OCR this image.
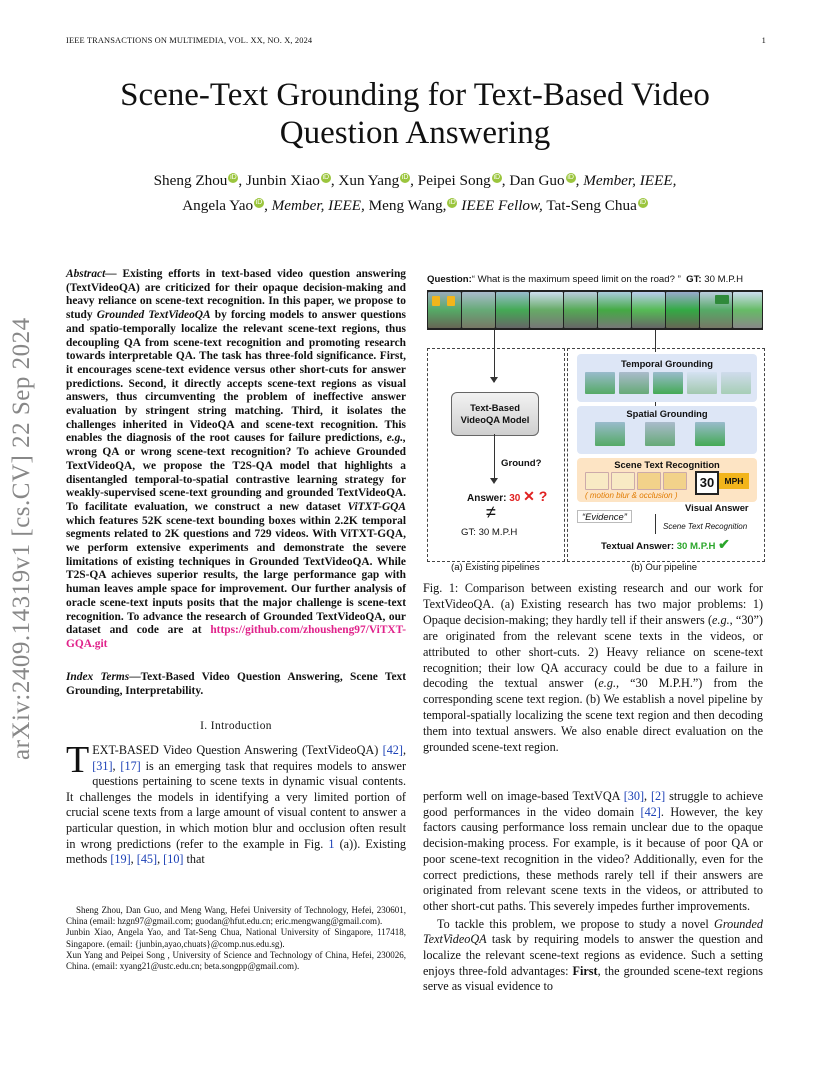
IEEE TRANSACTIONS ON MULTIMEDIA, VOL. XX, NO. X, 2024	1
arXiv:2409.14319v1 [cs.CV] 22 Sep 2024
Scene-Text Grounding for Text-Based Video Question Answering
Sheng Zhou iD , Junbin Xiao iD , Xun Yang iD , Peipei Song iD , Dan Guo iD , Member, IEEE,
Angela Yao iD , Member, IEEE, Meng Wang, iD IEEE Fellow, Tat-Seng Chua iD
Abstract— Existing efforts in text-based video question answering (TextVideoQA) are criticized for their opaque decision-making and heavy reliance on scene-text recognition. In this paper, we propose to study Grounded TextVideoQA by forcing models to answer questions and spatio-temporally localize the relevant scene-text regions, thus decoupling QA from scene-text recognition and promoting research towards interpretable QA. The task has three-fold significance. First, it encourages scene-text evidence versus other short-cuts for answer predictions. Second, it directly accepts scene-text regions as visual answers, thus circumventing the problem of ineffective answer evaluation by stringent string matching. Third, it isolates the challenges inherited in VideoQA and scene-text recognition. This enables the diagnosis of the root causes for failure predictions, e.g., wrong QA or wrong scene-text recognition? To achieve Grounded TextVideoQA, we propose the T2S-QA model that highlights a disentangled temporal-to-spatial contrastive learning strategy for weakly-supervised scene-text grounding and grounded TextVideoQA. To facilitate evaluation, we construct a new dataset ViTXT-GQA which features 52K scene-text bounding boxes within 2.2K temporal segments related to 2K questions and 729 videos. With ViTXT-GQA, we perform extensive experiments and demonstrate the severe limitations of existing techniques in Grounded TextVideoQA. While T2S-QA achieves superior results, the large performance gap with human leaves ample space for improvement. Our further analysis of oracle scene-text inputs posits that the major challenge is scene-text recognition. To advance the research of Grounded TextVideoQA, our dataset and code are at https://github.com/zhousheng97/ViTXT-GQA.git
Index Terms—Text-Based Video Question Answering, Scene Text Grounding, Interpretability.
I. Introduction
TEXT-BASED Video Question Answering (TextVideoQA) [42], [31], [17] is an emerging task that requires models to answer questions pertaining to scene texts in dynamic visual contents. It challenges the models in identifying a very limited portion of crucial scene texts from a large amount of visual content to answer a particular question, in which motion blur and occlusion often result in wrong predictions (refer to the example in Fig. 1 (a)). Existing methods [19], [45], [10] that
Sheng Zhou, Dan Guo, and Meng Wang, Hefei University of Technology, Hefei, 230601, China (email: hzgn97@gmail.com; guodan@hfut.edu.cn; eric.mengwang@gmail.com).
Junbin Xiao, Angela Yao, and Tat-Seng Chua, National University of Singapore, 117418, Singapore. (email: {junbin,ayao,chuats}@comp.nus.edu.sg).
Xun Yang and Peipei Song , University of Science and Technology of China, Hefei, 230026, China. (email: xyang21@ustc.edu.cn; beta.songpp@gmail.com).
Question:“ What is the maximum speed limit on the road? ” GT: 30 M.P.H
Text-Based VideoQA Model
Ground?
Answer: 30 ✕ ?
≠
GT: 30 M.P.H
(a) Existing pipelines
Temporal Grounding
Spatial Grounding
Scene Text Recognition
30	MPH
( motion blur & occlusion )
“Evidence”
Visual Answer
Scene Text Recognition
Textual Answer: 30 M.P.H ✔
(b) Our pipeline
Fig. 1: Comparison between existing research and our work for TextVideoQA. (a) Existing research has two major problems: 1) Opaque decision-making; they hardly tell if their answers (e.g., “30”) are originated from the relevant scene texts in the videos, or attributed to other short-cuts. 2) Heavy reliance on scene-text recognition; their low QA accuracy could be due to a failure in decoding the textual answer (e.g., “30 M.P.H.”) from the corresponding scene text region. (b) We establish a novel pipeline by temporal-spatially localizing the scene text region and then decoding them into textual answers. We also enable direct evaluation on the grounded scene-text region.
perform well on image-based TextVQA [30], [2] struggle to achieve good performances in the video domain [42]. However, the key factors causing performance loss remain unclear due to the opaque decision-making process. For example, is it because of poor QA or poor scene-text recognition in the video? Additionally, even for the correct predictions, these methods rarely tell if their answers are originated from relevant scene texts in the videos, or attributed to other short-cut paths. This severely impedes further improvements.
To tackle this problem, we propose to study a novel Grounded TextVideoQA task by requiring models to answer the question and localize the relevant scene-text regions as evidence. Such a setting enjoys three-fold advantages: First, the grounded scene-text regions serve as visual evidence to
